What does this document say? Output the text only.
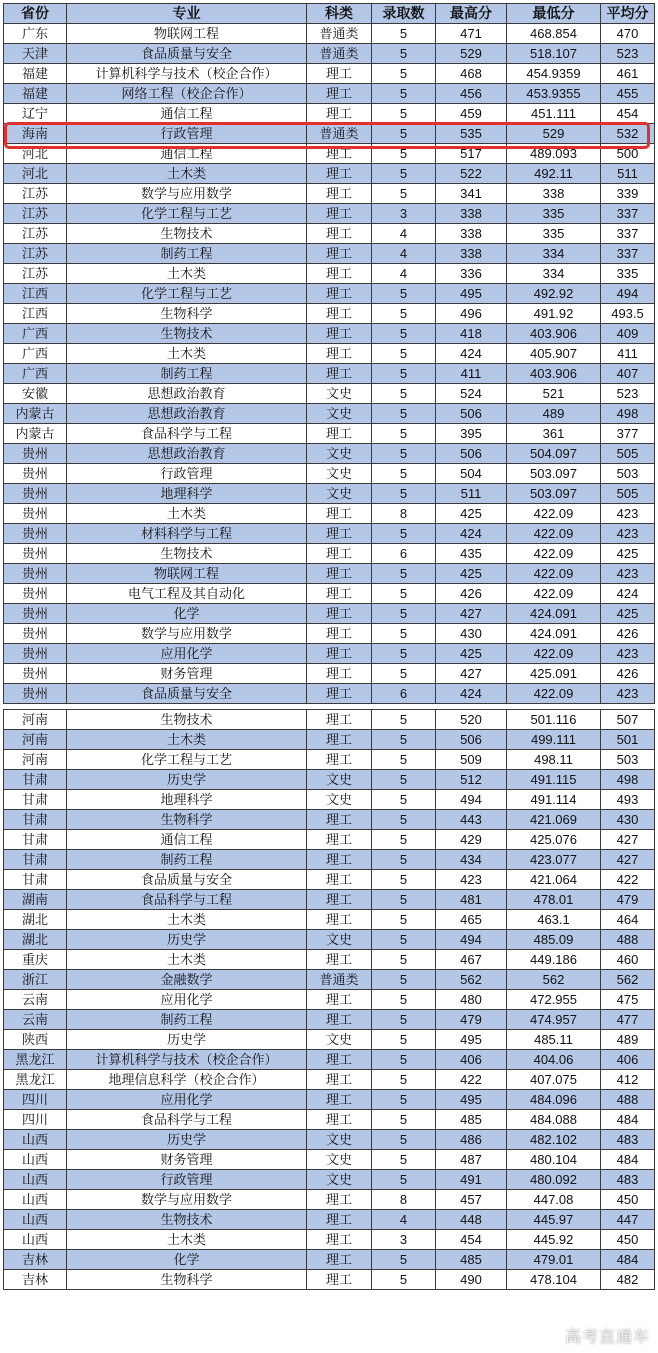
省份	专业	科类	录取数	最高分	最低分	平均分
广东	物联网工程	普通类	5	471	468.854	470
天津	食品质量与安全	普通类	5	529	518.107	523
福建	计算机科学与技术（校企合作）	理工	5	468	454.9359	461
福建	网络工程（校企合作）	理工	5	456	453.9355	455
辽宁	通信工程	理工	5	459	451.111	454
海南	行政管理	普通类	5	535	529	532
河北	通信工程	理工	5	517	489.093	500
河北	土木类	理工	5	522	492.11	511
江苏	数学与应用数学	理工	5	341	338	339
江苏	化学工程与工艺	理工	3	338	335	337
江苏	生物技术	理工	4	338	335	337
江苏	制药工程	理工	4	338	334	337
江苏	土木类	理工	4	336	334	335
江西	化学工程与工艺	理工	5	495	492.92	494
江西	生物科学	理工	5	496	491.92	493.5
广西	生物技术	理工	5	418	403.906	409
广西	土木类	理工	5	424	405.907	411
广西	制药工程	理工	5	411	403.906	407
安徽	思想政治教育	文史	5	524	521	523
内蒙古	思想政治教育	文史	5	506	489	498
内蒙古	食品科学与工程	理工	5	395	361	377
贵州	思想政治教育	文史	5	506	504.097	505
贵州	行政管理	文史	5	504	503.097	503
贵州	地理科学	文史	5	511	503.097	505
贵州	土木类	理工	8	425	422.09	423
贵州	材料科学与工程	理工	5	424	422.09	423
贵州	生物技术	理工	6	435	422.09	425
贵州	物联网工程	理工	5	425	422.09	423
贵州	电气工程及其自动化	理工	5	426	422.09	424
贵州	化学	理工	5	427	424.091	425
贵州	数学与应用数学	理工	5	430	424.091	426
贵州	应用化学	理工	5	425	422.09	423
贵州	财务管理	理工	5	427	425.091	426
贵州	食品质量与安全	理工	6	424	422.09	423

河南	生物技术	理工	5	520	501.116	507
河南	土木类	理工	5	506	499.111	501
河南	化学工程与工艺	理工	5	509	498.11	503
甘肃	历史学	文史	5	512	491.115	498
甘肃	地理科学	文史	5	494	491.114	493
甘肃	生物科学	理工	5	443	421.069	430
甘肃	通信工程	理工	5	429	425.076	427
甘肃	制药工程	理工	5	434	423.077	427
甘肃	食品质量与安全	理工	5	423	421.064	422
湖南	食品科学与工程	理工	5	481	478.01	479
湖北	土木类	理工	5	465	463.1	464
湖北	历史学	文史	5	494	485.09	488
重庆	土木类	理工	5	467	449.186	460
浙江	金融数学	普通类	5	562	562	562
云南	应用化学	理工	5	480	472.955	475
云南	制药工程	理工	5	479	474.957	477
陕西	历史学	文史	5	495	485.11	489
黑龙江	计算机科学与技术（校企合作）	理工	5	406	404.06	406
黑龙江	地理信息科学（校企合作）	理工	5	422	407.075	412
四川	应用化学	理工	5	495	484.096	488
四川	食品科学与工程	理工	5	485	484.088	484
山西	历史学	文史	5	486	482.102	483
山西	财务管理	文史	5	487	480.104	484
山西	行政管理	文史	5	491	480.092	483
山西	数学与应用数学	理工	8	457	447.08	450
山西	生物技术	理工	4	448	445.97	447
山西	土木类	理工	3	454	445.92	450
吉林	化学	理工	5	485	479.01	484
吉林	生物科学	理工	5	490	478.104	482
高考直通车
